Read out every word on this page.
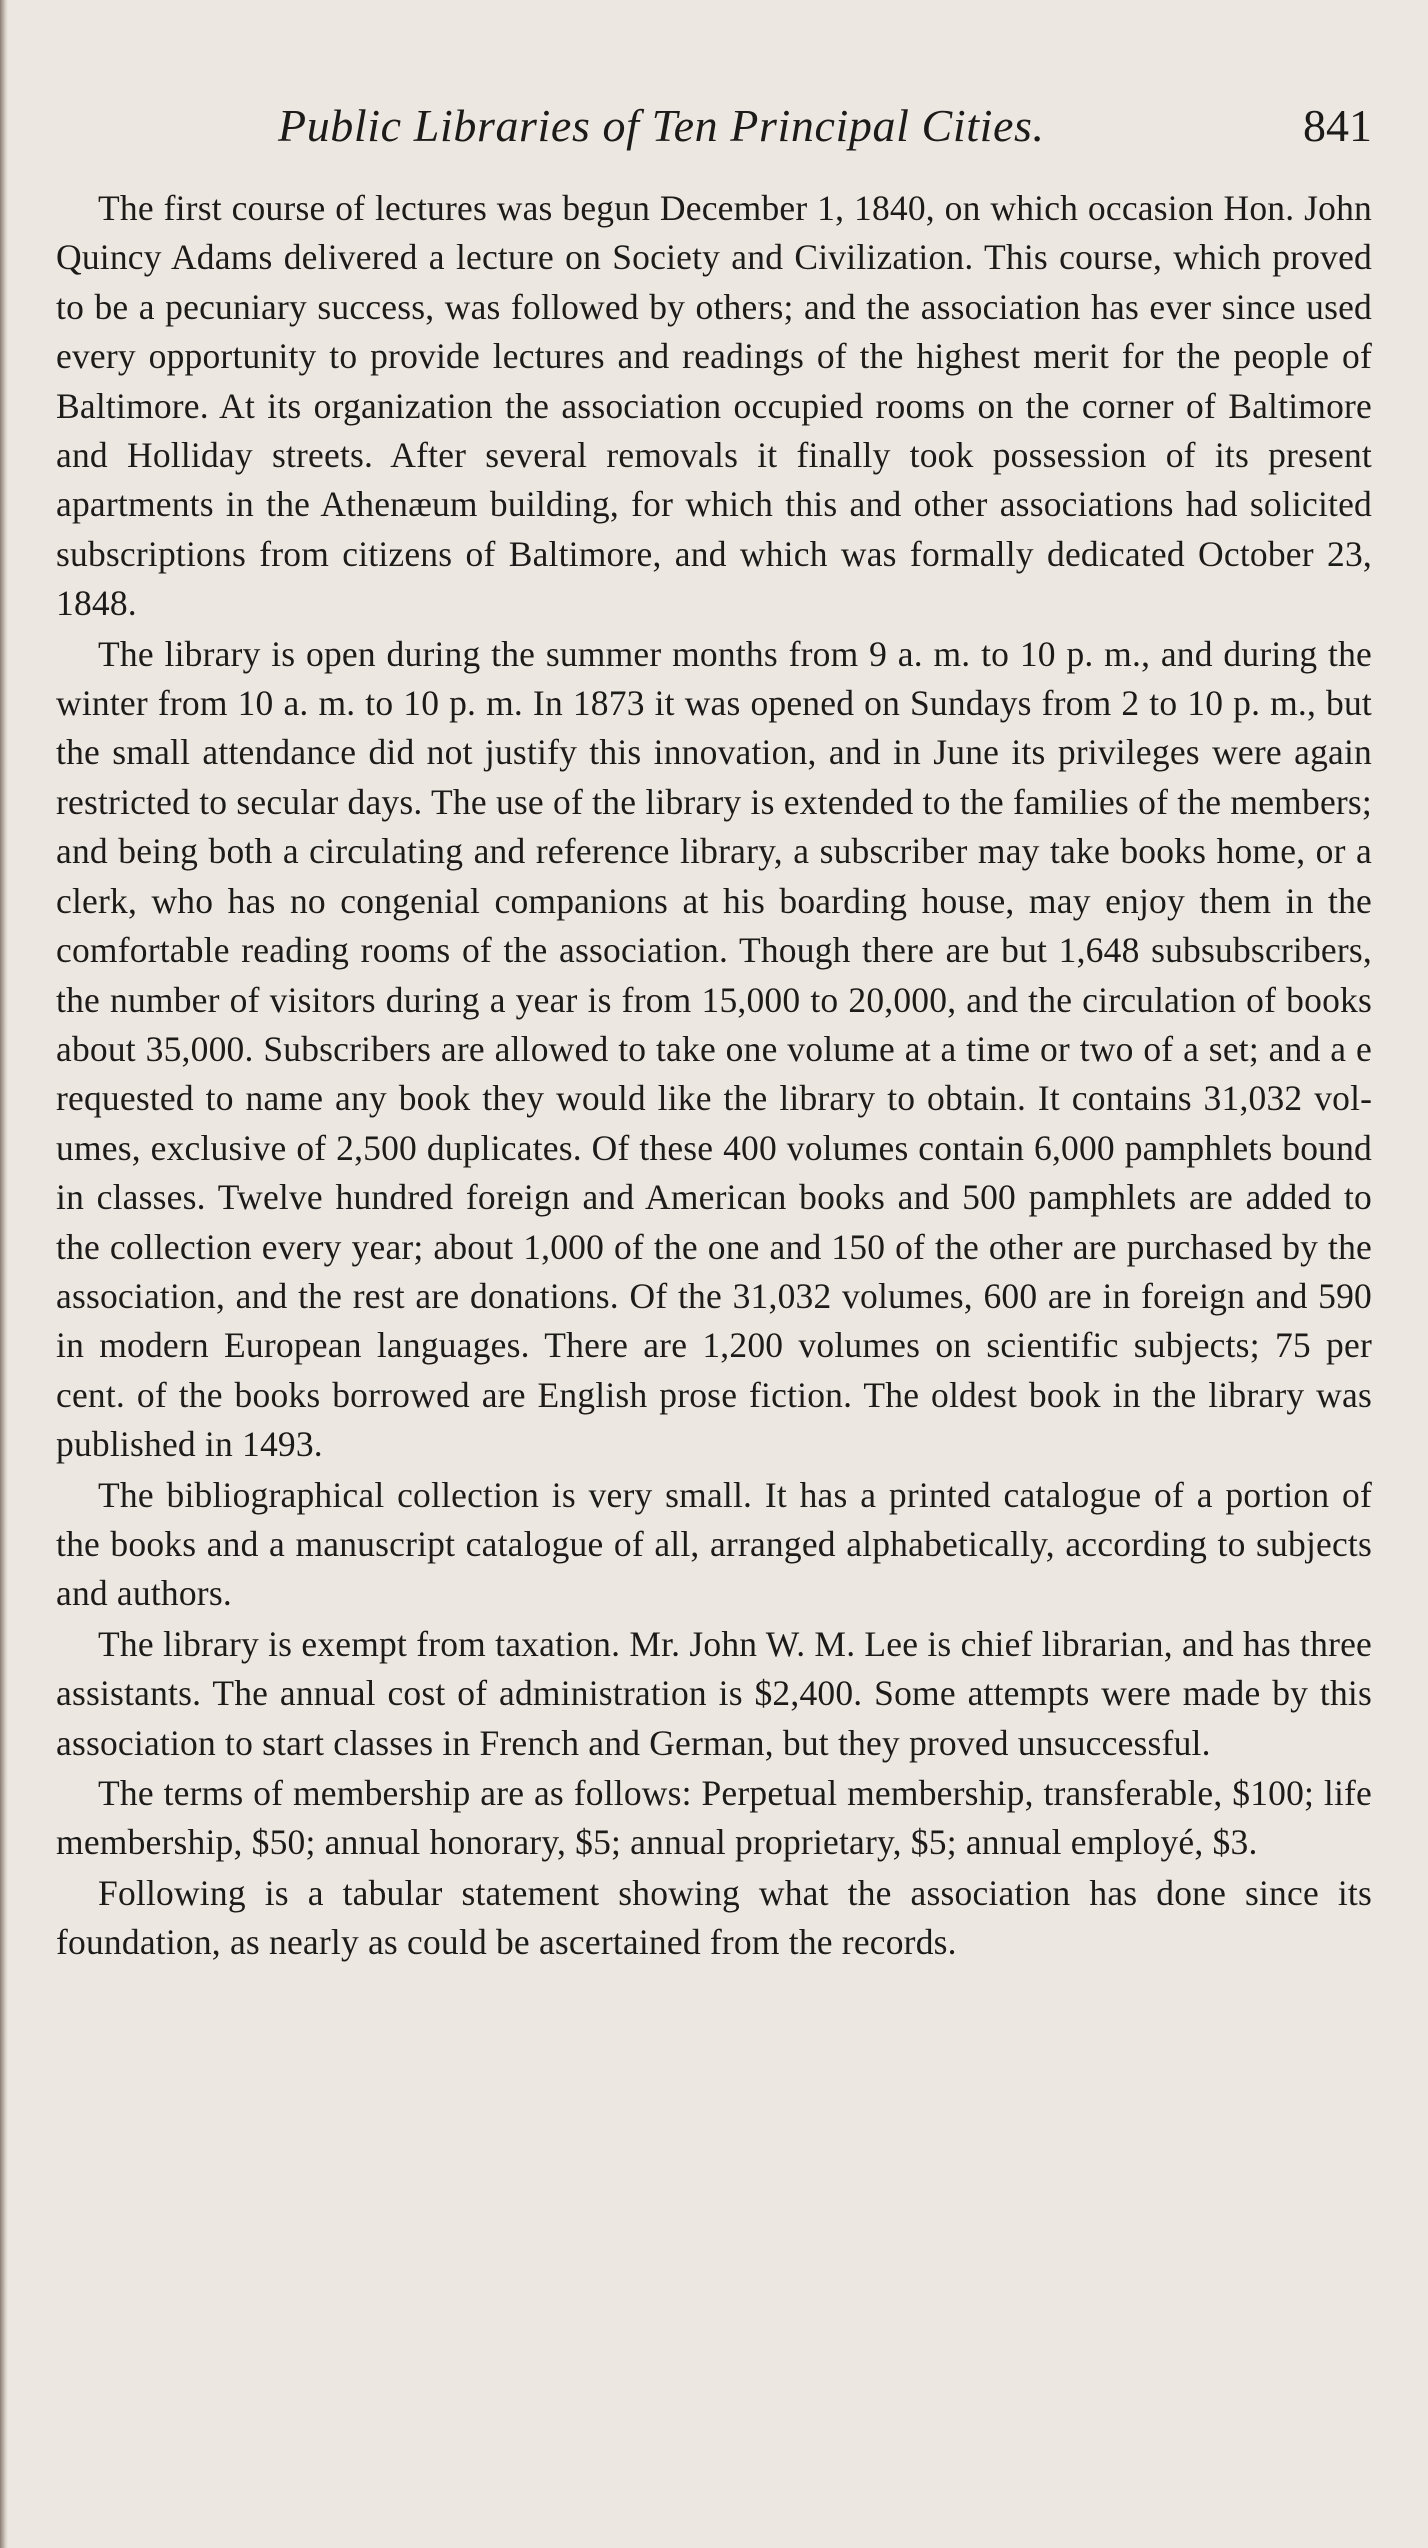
Public Libraries of Ten Principal Cities.	841

The first course of lectures was begun December 1, 1840, on which occasion Hon. John Quincy Adams delivered a lecture on Society and Civilization. This course, which proved to be a pecuniary success, was followed by others; and the association has ever since used every opportunity to provide lectures and readings of the highest merit for the people of Baltimore. At its organization the association occupied rooms on the corner of Baltimore and Holliday streets. After several removals it finally took possession of its present apartments in the Athenæum building, for which this and other associations had solicited subscriptions from citizens of Baltimore, and which was formally dedicated October 23, 1848.

The library is open during the summer months from 9 a. m. to 10 p. m., and during the winter from 10 a. m. to 10 p. m. In 1873 it was opened on Sundays from 2 to 10 p. m., but the small attendance did not justify this innovation, and in June its privileges were again restricted to secular days. The use of the library is extended to the families of the members; and being both a circulating and reference library, a subscriber may take books home, or a clerk, who has no congenial companions at his boarding house, may enjoy them in the comfortable reading rooms of the association. Though there are but 1,648 subsubscribers, the number of visitors during a year is from 15,000 to 20,000, and the circulation of books about 35,000. Subscribers are allowed to take one volume at a time or two of a set; and a e requested to name any book they would like the library to obtain. It contains 31,032 volumes, exclusive of 2,500 duplicates. Of these 400 volumes contain 6,000 pamphlets bound in classes. Twelve hundred foreign and American books and 500 pamphlets are added to the collection every year; about 1,000 of the one and 150 of the other are purchased by the association, and the rest are donations. Of the 31,032 volumes, 600 are in foreign and 590 in modern European languages. There are 1,200 volumes on scientific subjects; 75 per cent. of the books borrowed are English prose fiction. The oldest book in the library was published in 1493.

The bibliographical collection is very small. It has a printed catalogue of a portion of the books and a manuscript catalogue of all, arranged alphabetically, according to subjects and authors.

The library is exempt from taxation. Mr. John W. M. Lee is chief librarian, and has three assistants. The annual cost of administration is $2,400. Some attempts were made by this association to start classes in French and German, but they proved unsuccessful.

The terms of membership are as follows: Perpetual membership, transferable, $100; life membership, $50; annual honorary, $5; annual proprietary, $5; annual employé, $3.

Following is a tabular statement showing what the association has done since its foundation, as nearly as could be ascertained from the records.
